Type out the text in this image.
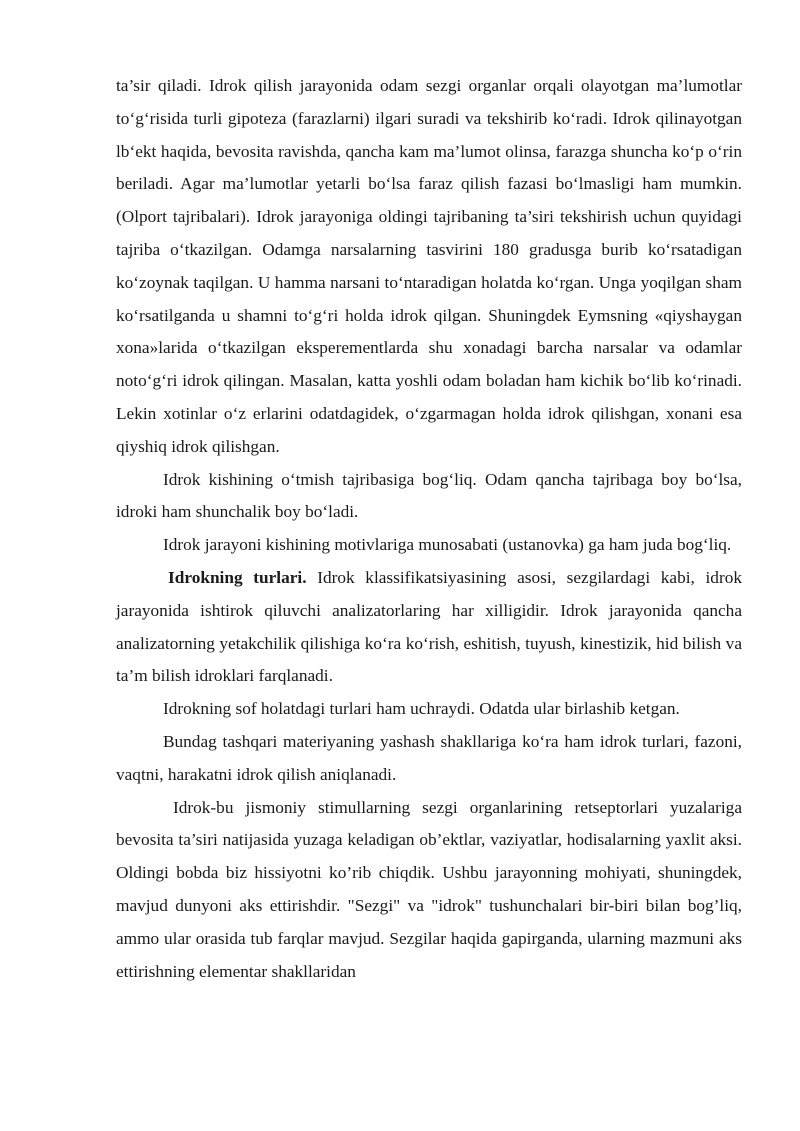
ta’sir qiladi. Idrok qilish jarayonida odam sezgi organlar orqali olayotgan ma’lumotlar to‘g‘risida turli gipoteza (farazlarni) ilgari suradi va tekshirib ko‘radi. Idrok qilinayotgan lb‘ekt haqida, bevosita ravishda, qancha kam ma’lumot olinsa, farazga shuncha ko‘p o‘rin beriladi. Agar ma’lumotlar yetarli bo‘lsa faraz qilish fazasi bo‘lmasligi ham mumkin. (Olport tajribalari). Idrok jarayoniga oldingi tajribaning ta’siri tekshirish uchun quyidagi tajriba o‘tkazilgan. Odamga narsalarning tasvirini 180 gradusga burib ko‘rsatadigan ko‘zoynak taqilgan. U hamma narsani to‘ntaradigan holatda ko‘rgan. Unga yoqilgan sham ko‘rsatilganda u shamni to‘g‘ri holda idrok qilgan. Shuningdek Eymsning «qiyshaygan xona»larida o‘tkazilgan eksperementlarda shu xonadagi barcha narsalar va odamlar noto‘g‘ri idrok qilingan. Masalan, katta yoshli odam boladan ham kichik bo‘lib ko‘rinadi. Lekin xotinlar o‘z erlarini odatdagidek, o‘zgarmagan holda idrok qilishgan, xonani esa qiyshiq idrok qilishgan.

Idrok kishining o‘tmish tajribasiga bog‘liq. Odam qancha tajribaga boy bo‘lsa, idroki ham shunchalik boy bo‘ladi.

Idrok jarayoni kishining motivlariga munosabati (ustanovka) ga ham juda bog‘liq.

Idrokning turlari. Idrok klassifikatsiyasining asosi, sezgilardagi kabi, idrok jarayonida ishtirok qiluvchi analizatorlaring har xilligidir. Idrok jarayonida qancha analizatorning yetakchilik qilishiga ko‘ra ko‘rish, eshitish, tuyush, kinestizik, hid bilish va ta’m bilish idroklari farqlanadi.

Idrokning sof holatdagi turlari ham uchraydi. Odatda ular birlashib ketgan.

Bundag tashqari materiyaning yashash shakllariga ko‘ra ham idrok turlari, fazoni, vaqtni, harakatni idrok qilish aniqlanadi.

Idrok-bu jismoniy stimullarning sezgi organlarining retseptorlari yuzalariga bevosita ta’siri natijasida yuzaga keladigan ob’ektlar, vaziyatlar, hodisalarning yaxlit aksi. Oldingi bobda biz hissiyotni ko’rib chiqdik. Ushbu jarayonning mohiyati, shuningdek, mavjud dunyoni aks ettirishdir. "Sezgi" va "idrok" tushunchalari bir-biri bilan bog’liq, ammo ular orasida tub farqlar mavjud. Sezgilar haqida gapirganda, ularning mazmuni aks ettirishning elementar shakllaridan
